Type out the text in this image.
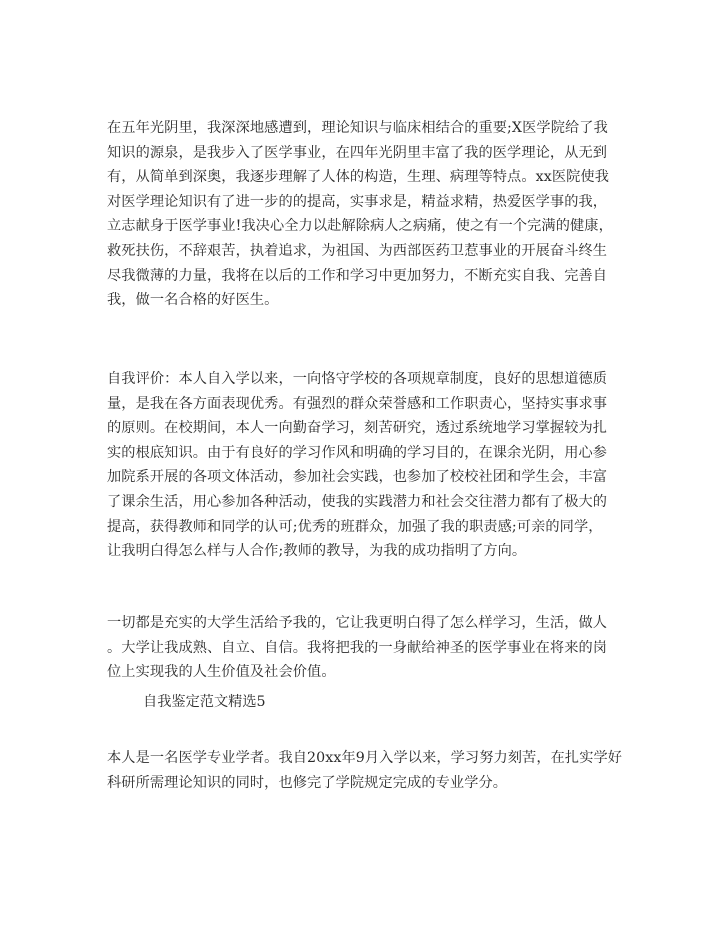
在五年光阴里，我深深地感遭到，理论知识与临床相结合的重要;X医学院给了我
知识的源泉，是我步入了医学事业，在四年光阴里丰富了我的医学理论，从无到
有，从简单到深奥，我逐步理解了人体的构造，生理、病理等特点。xx医院使我
对医学理论知识有了进一步的的提高，实事求是，精益求精，热爱医学事的我，
立志献身于医学事业!我决心全力以赴解除病人之病痛，使之有一个完满的健康，
救死扶伤，不辞艰苦，执着追求，为祖国、为西部医药卫惹事业的开展奋斗终生
尽我微薄的力量，我将在以后的工作和学习中更加努力，不断充实自我、完善自
我，做一名合格的好医生。
自我评价：本人自入学以来，一向恪守学校的各项规章制度，良好的思想道德质
量，是我在各方面表现优秀。有强烈的群众荣誉感和工作职责心，坚持实事求事
的原则。在校期间，本人一向勤奋学习，刻苦研究，透过系统地学习掌握较为扎
实的根底知识。由于有良好的学习作风和明确的学习目的，在课余光阴，用心参
加院系开展的各项文体活动，参加社会实践，也参加了校校社团和学生会，丰富
了课余生活，用心参加各种活动，使我的实践潜力和社会交往潜力都有了极大的
提高，获得教师和同学的认可;优秀的班群众，加强了我的职责感;可亲的同学，
让我明白得怎么样与人合作;教师的教导，为我的成功指明了方向。
一切都是充实的大学生活给予我的，它让我更明白得了怎么样学习，生活，做人
。大学让我成熟、自立、自信。我将把我的一身献给神圣的医学事业在将来的岗
位上实现我的人生价值及社会价值。
自我鉴定范文精选5
本人是一名医学专业学者。我自20xx年9月入学以来，学习努力刻苦，在扎实学好
科研所需理论知识的同时，也修完了学院规定完成的专业学分。
